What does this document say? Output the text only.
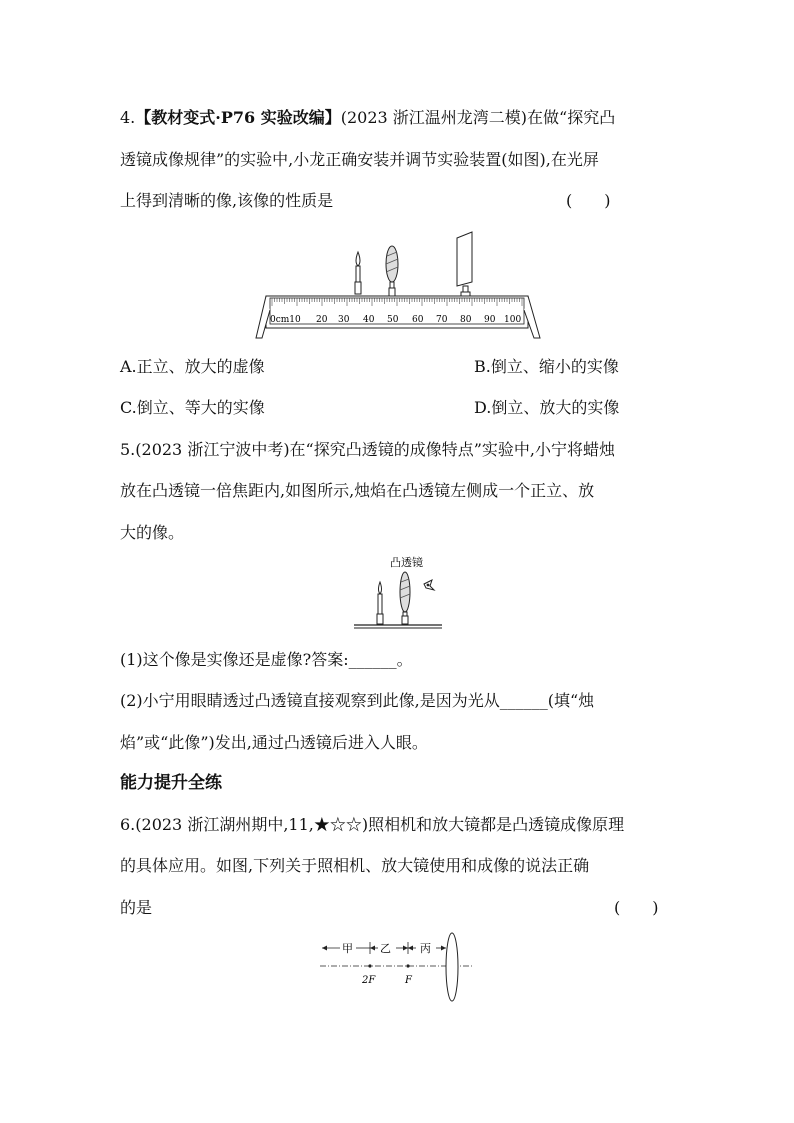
4.【教材变式·P76 实验改编】(2023 浙江温州龙湾二模)在做“探究凸
透镜成像规律”的实验中,小龙正确安装并调节实验装置(如图),在光屏
上得到清晰的像,该像的性质是	(　　)
0cm10 20 30 40 50 60 70 80 90 100
A.正立、放大的虚像	B.倒立、缩小的实像
C.倒立、等大的实像	D.倒立、放大的实像
5.(2023 浙江宁波中考)在“探究凸透镜的成像特点”实验中,小宁将蜡烛
放在凸透镜一倍焦距内,如图所示,烛焰在凸透镜左侧成一个正立、放
大的像。
凸透镜
(1)这个像是实像还是虚像?答案:______。
(2)小宁用眼睛透过凸透镜直接观察到此像,是因为光从______(填“烛
焰”或“此像”)发出,通过凸透镜后进入人眼。
能力提升全练
6.(2023 浙江湖州期中,11,★☆☆)照相机和放大镜都是凸透镜成像原理
的具体应用。如图,下列关于照相机、放大镜使用和成像的说法正确
的是	(　　)
甲 乙	丙
2F	F
